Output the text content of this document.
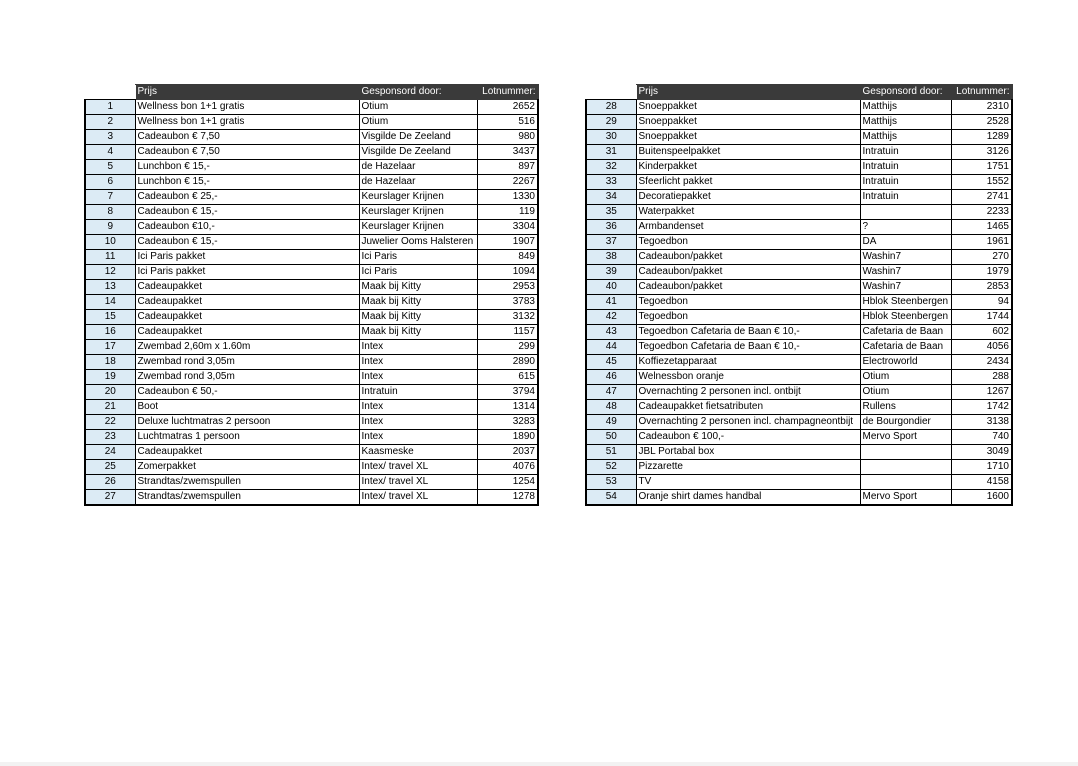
	Prijs	Gesponsord door:	Lotnummer:
1	Wellness bon 1+1 gratis	Otium	2652
2	Wellness bon 1+1 gratis	Otium	516
3	Cadeaubon € 7,50	Visgilde De Zeeland	980
4	Cadeaubon € 7,50	Visgilde De Zeeland	3437
5	Lunchbon € 15,-	de Hazelaar	897
6	Lunchbon € 15,-	de Hazelaar	2267
7	Cadeaubon € 25,-	Keurslager Krijnen	1330
8	Cadeaubon € 15,-	Keurslager Krijnen	119
9	Cadeaubon €10,-	Keurslager Krijnen	3304
10	Cadeaubon € 15,-	Juwelier Ooms Halsteren	1907
11	Ici Paris pakket	Ici Paris	849
12	Ici Paris pakket	Ici Paris	1094
13	Cadeaupakket	Maak bij Kitty	2953
14	Cadeaupakket	Maak bij Kitty	3783
15	Cadeaupakket	Maak bij Kitty	3132
16	Cadeaupakket	Maak bij Kitty	1157
17	Zwembad 2,60m x 1.60m	Intex	299
18	Zwembad rond 3,05m	Intex	2890
19	Zwembad rond 3,05m	Intex	615
20	Cadeaubon € 50,-	Intratuin	3794
21	Boot	Intex	1314
22	Deluxe luchtmatras 2 persoon	Intex	3283
23	Luchtmatras 1 persoon	Intex	1890
24	Cadeaupakket	Kaasmeske	2037
25	Zomerpakket	Intex/ travel XL	4076
26	Strandtas/zwemspullen	Intex/ travel XL	1254
27	Strandtas/zwemspullen	Intex/ travel XL	1278
	Prijs	Gesponsord door:	Lotnummer:
28	Snoeppakket	Matthijs	2310
29	Snoeppakket	Matthijs	2528
30	Snoeppakket	Matthijs	1289
31	Buitenspeelpakket	Intratuin	3126
32	Kinderpakket	Intratuin	1751
33	Sfeerlicht pakket	Intratuin	1552
34	Decoratiepakket	Intratuin	2741
35	Waterpakket		2233
36	Armbandenset	?	1465
37	Tegoedbon	DA	1961
38	Cadeaubon/pakket	Washin7	270
39	Cadeaubon/pakket	Washin7	1979
40	Cadeaubon/pakket	Washin7	2853
41	Tegoedbon	Hblok Steenbergen	94
42	Tegoedbon	Hblok Steenbergen	1744
43	Tegoedbon Cafetaria de Baan € 10,-	Cafetaria de Baan	602
44	Tegoedbon Cafetaria de Baan € 10,-	Cafetaria de Baan	4056
45	Koffiezetapparaat	Electroworld	2434
46	Welnessbon oranje	Otium	288
47	Overnachting 2 personen incl. ontbijt	Otium	1267
48	Cadeaupakket fietsatributen	Rullens	1742
49	Overnachting 2 personen incl. champagneontbijt	de Bourgondier	3138
50	Cadeaubon € 100,-	Mervo Sport	740
51	JBL Portabal box		3049
52	Pizzarette		1710
53	TV		4158
54	Oranje shirt dames handbal	Mervo Sport	1600
